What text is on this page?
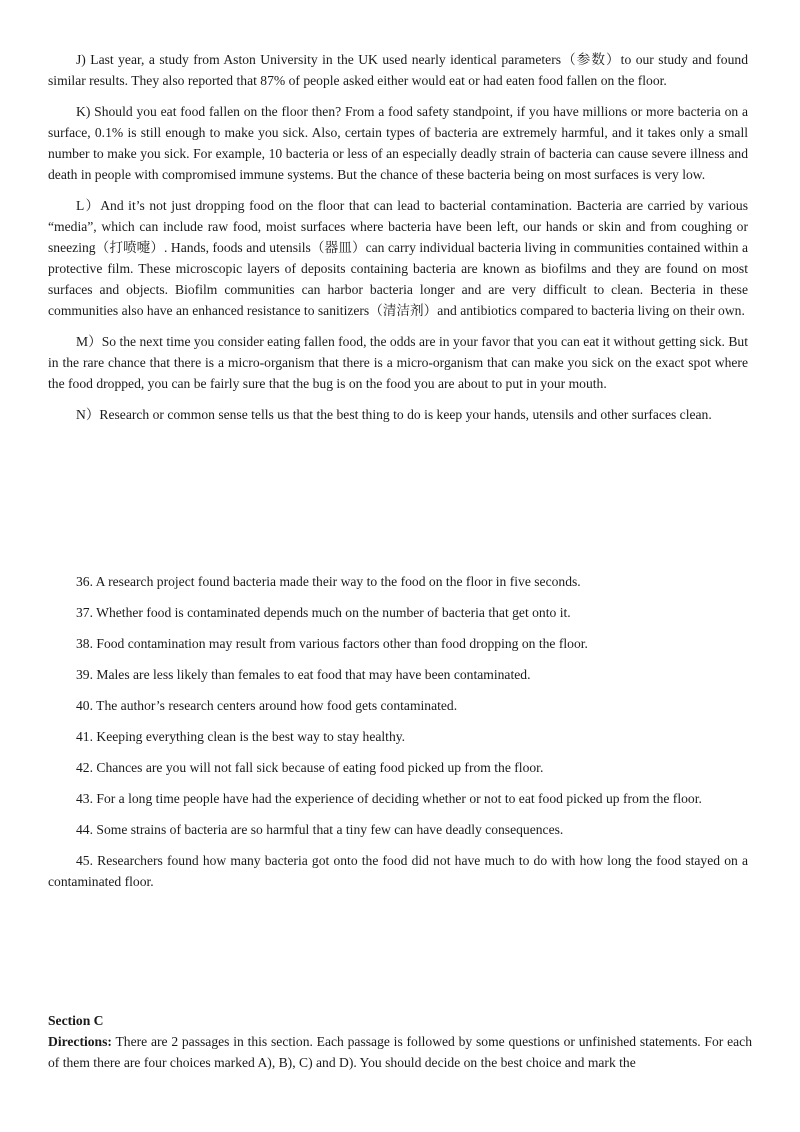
J) Last year, a study from Aston University in the UK used nearly identical parameters（参数）to our study and found similar results. They also reported that 87% of people asked either would eat or had eaten food fallen on the floor.

K) Should you eat food fallen on the floor then? From a food safety standpoint, if you have millions or more bacteria on a surface, 0.1% is still enough to make you sick. Also, certain types of bacteria are extremely harmful, and it takes only a small number to make you sick. For example, 10 bacteria or less of an especially deadly strain of bacteria can cause severe illness and death in people with compromised immune systems. But the chance of these bacteria being on most surfaces is very low.

L）And it’s not just dropping food on the floor that can lead to bacterial contamination. Bacteria are carried by various “media”, which can include raw food, moist surfaces where bacteria have been left, our hands or skin and from coughing or sneezing（打喷嚏）. Hands, foods and utensils（器皿）can carry individual bacteria living in communities contained within a protective film. These microscopic layers of deposits containing bacteria are known as biofilms and they are found on most surfaces and objects. Biofilm communities can harbor bacteria longer and are very difficult to clean. Becteria in these communities also have an enhanced resistance to sanitizers（清洁剂）and antibiotics compared to bacteria living on their own.

M）So the next time you consider eating fallen food, the odds are in your favor that you can eat it without getting sick. But in the rare chance that there is a micro-organism that there is a micro-organism that can make you sick on the exact spot where the food dropped, you can be fairly sure that the bug is on the food you are about to put in your mouth.

N）Research or common sense tells us that the best thing to do is keep your hands, utensils and other surfaces clean.

36. A research project found bacteria made their way to the food on the floor in five seconds.

37. Whether food is contaminated depends much on the number of bacteria that get onto it.

38. Food contamination may result from various factors other than food dropping on the floor.

39. Males are less likely than females to eat food that may have been contaminated.

40. The author’s research centers around how food gets contaminated.

41. Keeping everything clean is the best way to stay healthy.

42. Chances are you will not fall sick because of eating food picked up from the floor.

43. For a long time people have had the experience of deciding whether or not to eat food picked up from the floor.

44. Some strains of bacteria are so harmful that a tiny few can have deadly consequences.

45. Researchers found how many bacteria got onto the food did not have much to do with how long the food stayed on a contaminated floor.

Section C

Directions: There are 2 passages in this section. Each passage is followed by some questions or unfinished statements. For each of them there are four choices marked A), B), C) and D). You should decide on the best choice and mark the
